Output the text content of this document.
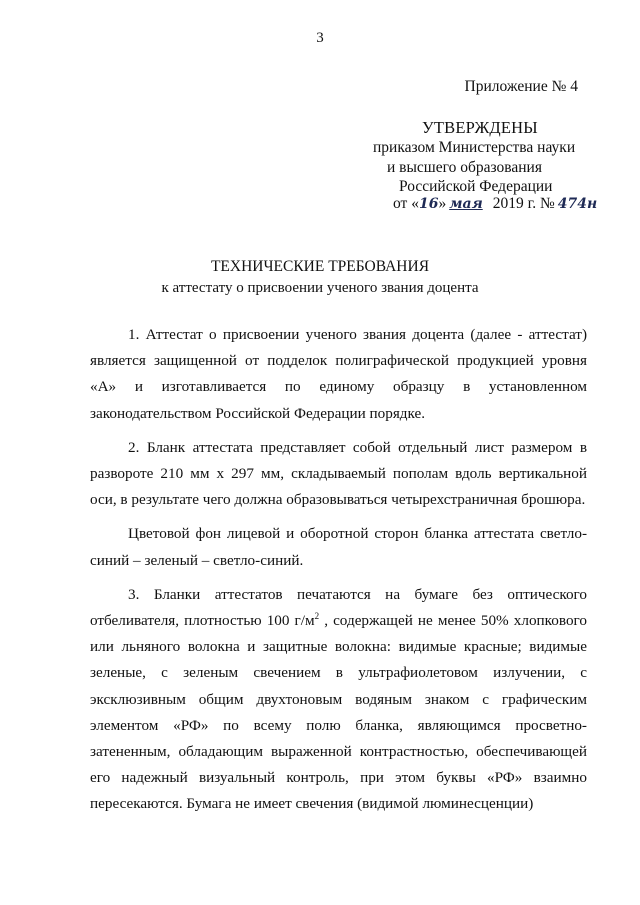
3
Приложение № 4
УТВЕРЖДЕНЫ
приказом Министерства науки
и высшего образования
Российской Федерации
от «16» мая 2019 г. № 474н
ТЕХНИЧЕСКИЕ ТРЕБОВАНИЯ
к аттестату о присвоении ученого звания доцента

1. Аттестат о присвоении ученого звания доцента (далее - аттестат) является защищенной от подделок полиграфической продукцией уровня «А» и изготавливается по единому образцу в установленном законодательством Российской Федерации порядке.

2. Бланк аттестата представляет собой отдельный лист размером в развороте 210 мм х 297 мм, складываемый пополам вдоль вертикальной оси, в результате чего должна образовываться четырехстраничная брошюра.

Цветовой фон лицевой и оборотной сторон бланка аттестата светло-синий – зеленый – светло-синий.

3. Бланки аттестатов печатаются на бумаге без оптического отбеливателя, плотностью 100 $г/м^2$ , содержащей не менее 50% хлопкового или льняного волокна и защитные волокна: видимые красные; видимые зеленые, с зеленым свечением в ультрафиолетовом излучении, с эксклюзивным общим двухтоновым водяным знаком с графическим элементом «РФ» по всему полю бланка, являющимся просветно-затененным, обладающим выраженной контрастностью, обеспечивающей его надежный визуальный контроль, при этом буквы «РФ» взаимно пересекаются. Бумага не имеет свечения (видимой люминесценции)
